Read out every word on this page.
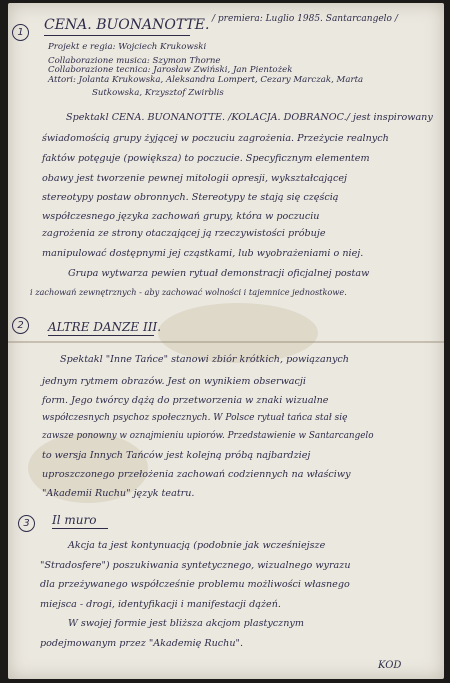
1	CENA. BUONANOTTE. / premiera: Luglio 1985. Santarcangelo /
Projekt e regia: Wojciech Krukowski
Collaborazione musica: Szymon Thorne
Collaborazione tecnica: Jarosław Zwiński, Jan Pientożek
Attori: Jolanta Krukowska, Aleksandra Lompert, Cezary Marczak, Marta
Sutkowska, Krzysztof Zwirblis
Spektakl CENA. BUONANOTTE. /KOLACJA. DOBRANOC./ jest inspirowany
świadomością grupy żyjącej w poczuciu zagrożenia. Przeżycie realnych
faktów potęguje (powiększa) to poczucie. Specyficznym elementem
obawy jest tworzenie pewnej mitologii opresji, wykształcającej
stereotypy postaw obronnych. Stereotypy te stają się częścią
współczesnego języka zachowań grupy, która w poczuciu
zagrożenia ze strony otaczającej ją rzeczywistości próbuje
manipulować dostępnymi jej cząstkami, lub wyobrażeniami o niej.
Grupa wytwarza pewien rytuał demonstracji oficjalnej postaw
i zachowań zewnętrznych - aby zachować wolności i tajemnice jednostkowe.
2	ALTRE DANZE III.
Spektakl "Inne Tańce" stanowi zbiór krótkich, powiązanych
jednym rytmem obrazów. Jest on wynikiem obserwacji
form. Jego twórcy dążą do przetworzenia w znaki wizualne
współczesnych psychoz społecznych. W Polsce rytuał tańca stał się
zawsze ponowny w oznajmieniu upiorów. Przedstawienie w Santarcangelo
to wersja Innych Tańców jest kolejną próbą najbardziej
uproszczonego przełożenia zachowań codziennych na właściwy
"Akademii Ruchu" język teatru.
3	Il muro
Akcja ta jest kontynuacją (podobnie jak wcześniejsze
"Stradosfere") poszukiwania syntetycznego, wizualnego wyrazu
dla przeżywanego współcześnie problemu możliwości własnego
miejsca - drogi, identyfikacji i manifestacji dążeń.
W swojej formie jest bliższa akcjom plastycznym
podejmowanym przez "Akademię Ruchu".
KOD
